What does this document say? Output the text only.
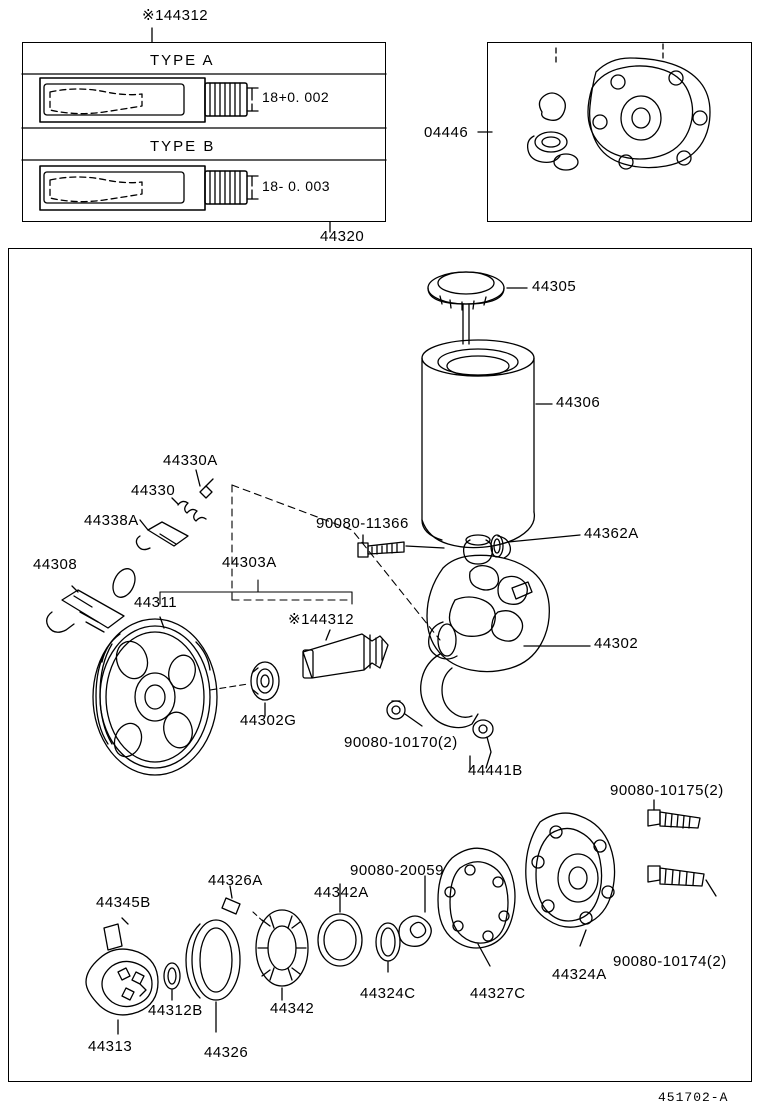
※144312
TYPE A
TYPE B
18+0. 002
18- 0. 003
44320
04446
44305
44306
44362A
90080-11366
44330A
44330
44338A
44308	44303A
44311
※144312
44302G
44302
90080-10170(2)
44441B
90080-10175(2)
90080-10174(2)
44324A
44327C
44324C
90080-20059
44342A
44342
44326A
44326
44312B
44313
44345B
451702-A
